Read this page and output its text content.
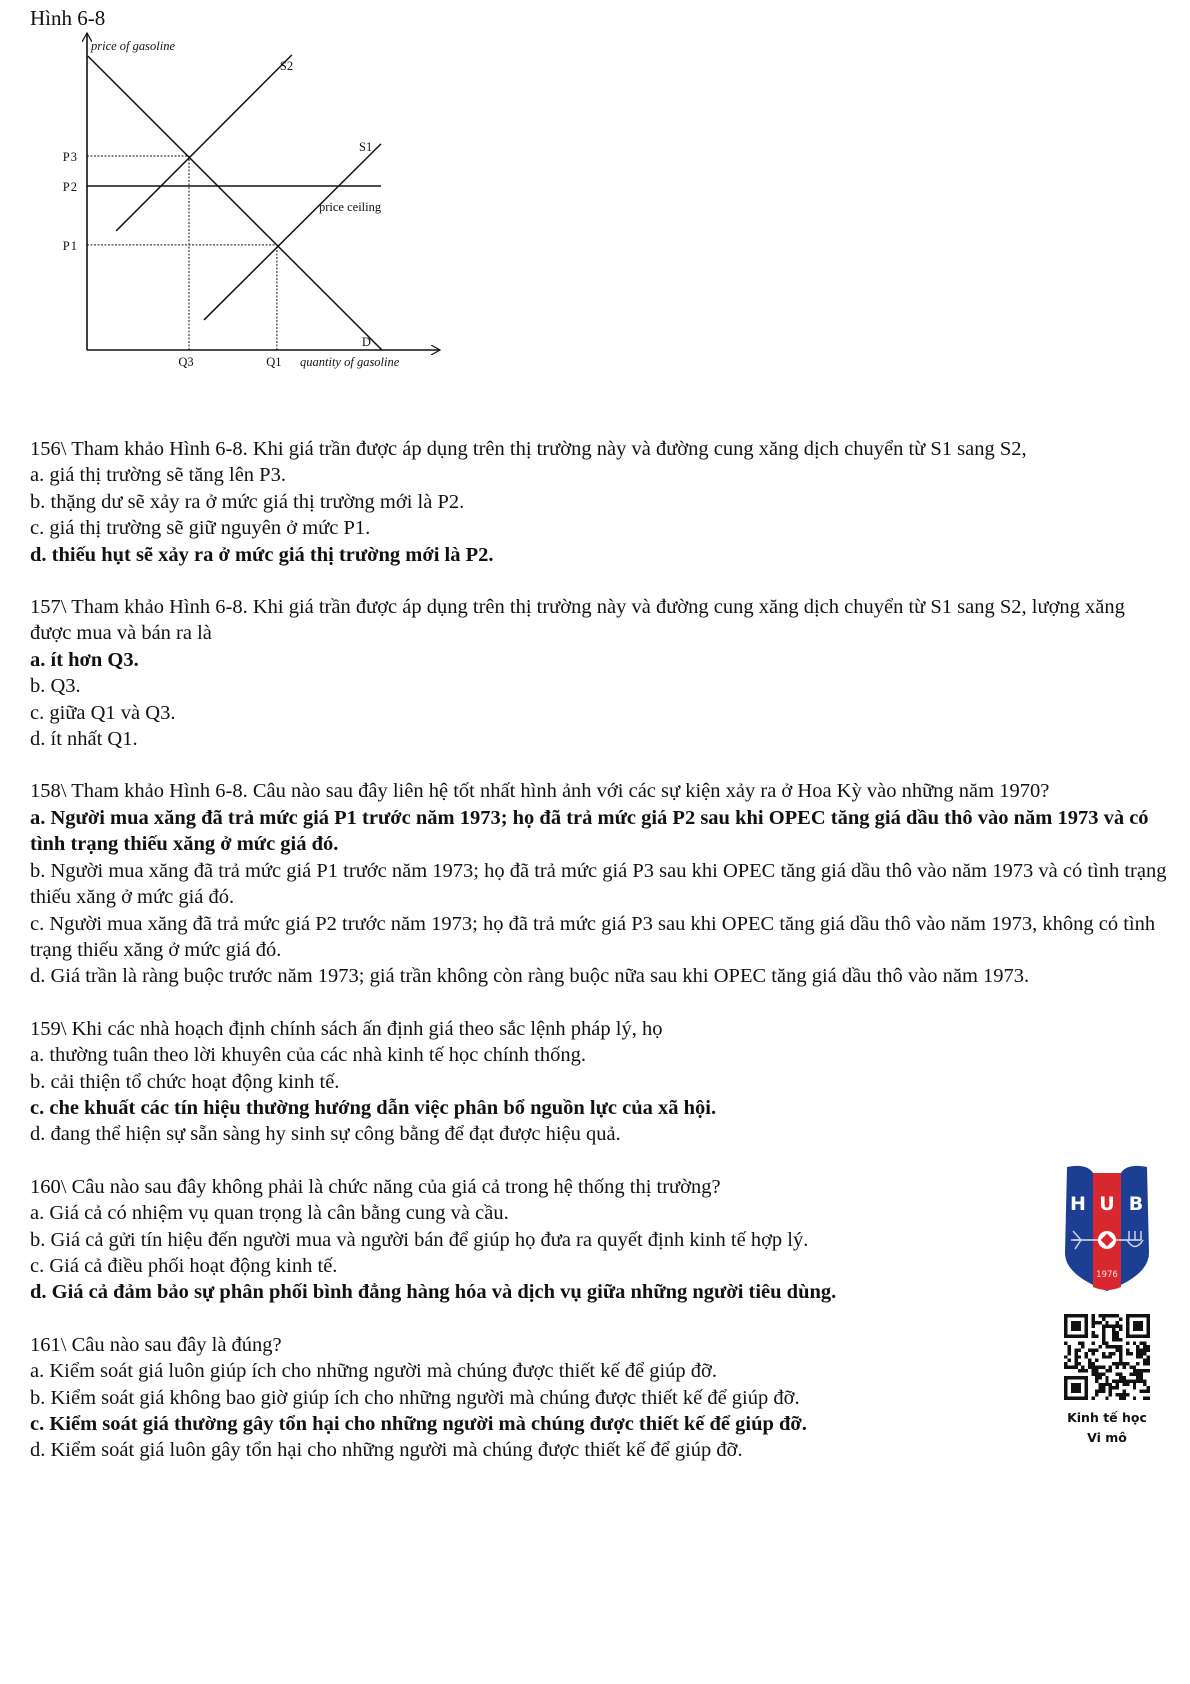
Hình 6-8
price of gasoline
quantity of gasoline
P3
P2
P1
Q3	Q1
D
S2
S1
price ceiling
156\ Tham khảo Hình 6-8. Khi giá trần được áp dụng trên thị trường này và đường cung xăng dịch chuyển từ S1 sang S2,
a. giá thị trường sẽ tăng lên P3.
b. thặng dư sẽ xảy ra ở mức giá thị trường mới là P2.
c. giá thị trường sẽ giữ nguyên ở mức P1.
d. thiếu hụt sẽ xảy ra ở mức giá thị trường mới là P2.
157\ Tham khảo Hình 6-8. Khi giá trần được áp dụng trên thị trường này và đường cung xăng dịch chuyển từ S1 sang S2, lượng xăng được mua và bán ra là
a. ít hơn Q3.
b. Q3.
c. giữa Q1 và Q3.
d. ít nhất Q1.
158\ Tham khảo Hình 6-8. Câu nào sau đây liên hệ tốt nhất hình ảnh với các sự kiện xảy ra ở Hoa Kỳ vào những năm 1970?
a. Người mua xăng đã trả mức giá P1 trước năm 1973; họ đã trả mức giá P2 sau khi OPEC tăng giá dầu thô vào năm 1973 và có tình trạng thiếu xăng ở mức giá đó.
b. Người mua xăng đã trả mức giá P1 trước năm 1973; họ đã trả mức giá P3 sau khi OPEC tăng giá dầu thô vào năm 1973 và có tình trạng thiếu xăng ở mức giá đó.
c. Người mua xăng đã trả mức giá P2 trước năm 1973; họ đã trả mức giá P3 sau khi OPEC tăng giá dầu thô vào năm 1973, không có tình trạng thiếu xăng ở mức giá đó.
d. Giá trần là ràng buộc trước năm 1973; giá trần không còn ràng buộc nữa sau khi OPEC tăng giá dầu thô vào năm 1973.
159\ Khi các nhà hoạch định chính sách ấn định giá theo sắc lệnh pháp lý, họ
a. thường tuân theo lời khuyên của các nhà kinh tế học chính thống.
b. cải thiện tổ chức hoạt động kinh tế.
c. che khuất các tín hiệu thường hướng dẫn việc phân bổ nguồn lực của xã hội.
d. đang thể hiện sự sẵn sàng hy sinh sự công bằng để đạt được hiệu quả.
160\ Câu nào sau đây không phải là chức năng của giá cả trong hệ thống thị trường?
a. Giá cả có nhiệm vụ quan trọng là cân bằng cung và cầu.
b. Giá cả gửi tín hiệu đến người mua và người bán để giúp họ đưa ra quyết định kinh tế hợp lý.
c. Giá cả điều phối hoạt động kinh tế.
d. Giá cả đảm bảo sự phân phối bình đẳng hàng hóa và dịch vụ giữa những người tiêu dùng.
161\ Câu nào sau đây là đúng?
a. Kiểm soát giá luôn giúp ích cho những người mà chúng được thiết kế để giúp đỡ.
b. Kiểm soát giá không bao giờ giúp ích cho những người mà chúng được thiết kế để giúp đỡ.
c. Kiểm soát giá thường gây tổn hại cho những người mà chúng được thiết kế để giúp đỡ.
d. Kiểm soát giá luôn gây tổn hại cho những người mà chúng được thiết kế để giúp đỡ.
H U B
1976
Kinh tế học
Vi mô
